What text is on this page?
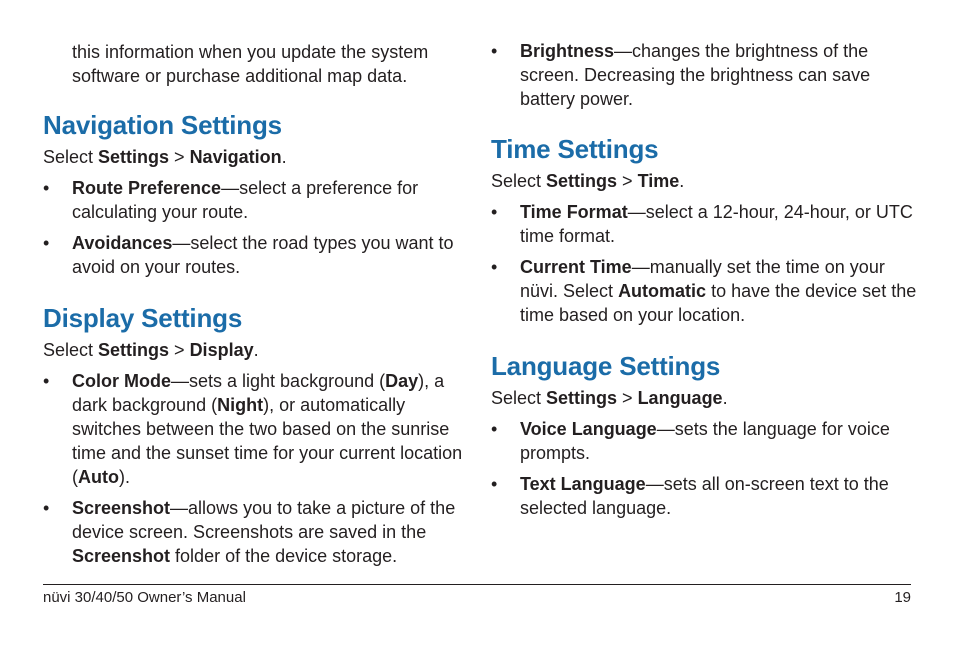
this information when you update the system software or purchase additional map data.

Navigation Settings

Select Settings > Navigation.

•	Route Preference—select a preference for calculating your route.
•	Avoidances—select the road types you want to avoid on your routes.
Display Settings

Select Settings > Display.

•	Color Mode—sets a light background (Day), a dark background (Night), or automatically switches between the two based on the sunrise time and the sunset time for your current location (Auto).
•	Screenshot—allows you to take a picture of the device screen. Screenshots are saved in the Screenshot folder of the device storage.
•	Brightness—changes the brightness of the screen. Decreasing the brightness can save battery power.
Time Settings

Select Settings > Time.

•	Time Format—select a 12-hour, 24-hour, or UTC time format.
•	Current Time—manually set the time on your nüvi. Select Automatic to have the device set the time based on your location.
Language Settings

Select Settings > Language.

•	Voice Language—sets the language for voice prompts.
•	Text Language—sets all on-screen text to the selected language.
nüvi 30/40/50 Owner’s Manual	19
